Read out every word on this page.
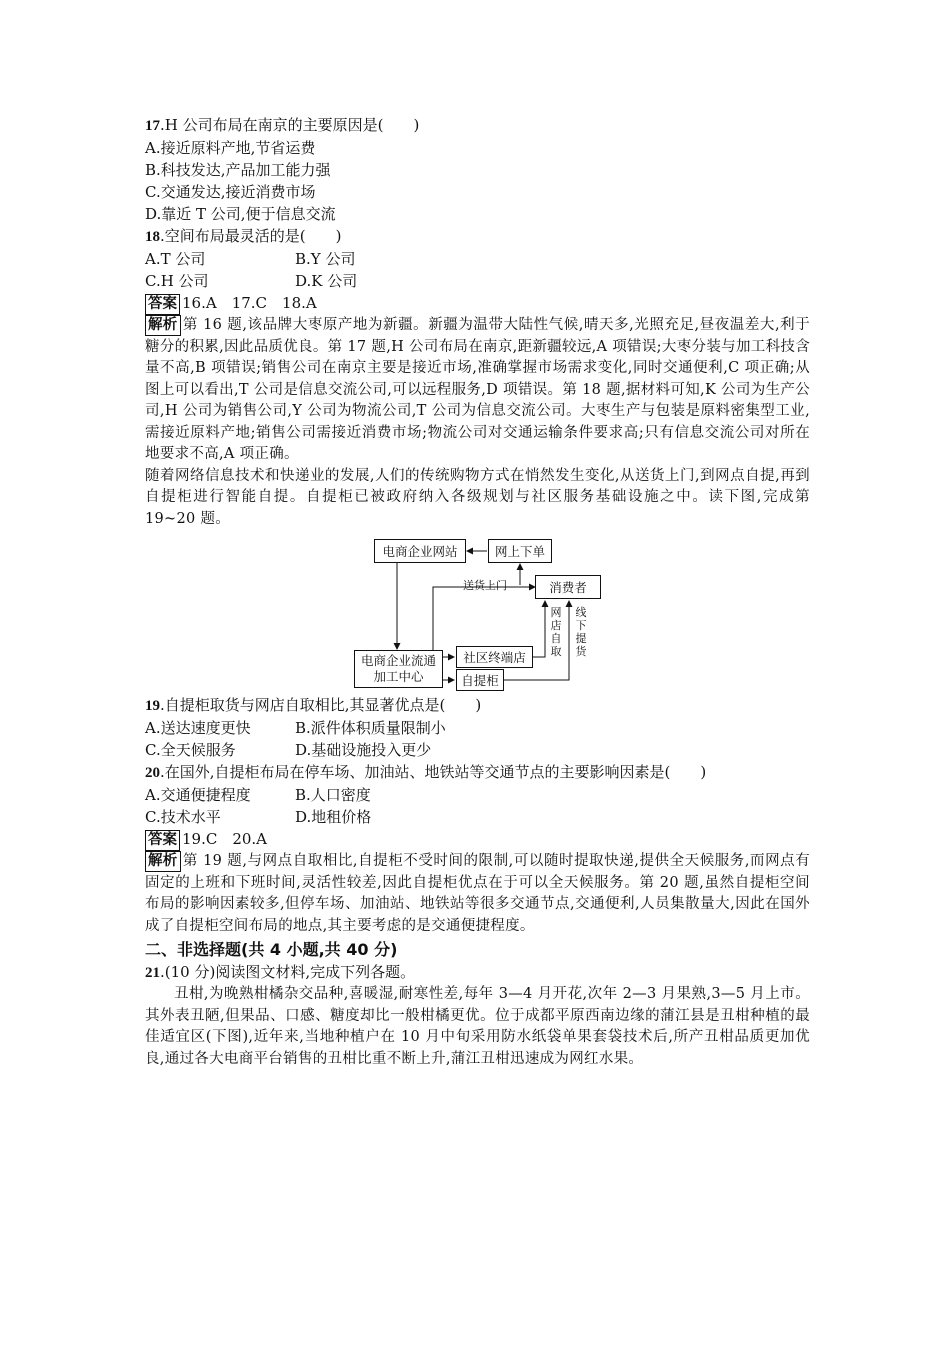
17.H 公司布局在南京的主要原因是(　　)
A.接近原料产地,节省运费
B.科技发达,产品加工能力强
C.交通发达,接近消费市场
D.靠近 T 公司,便于信息交流
18.空间布局最灵活的是(　　)
A.T 公司	B.Y 公司
C.H 公司	D.K 公司
答案 16.A　17.C　18.A
解析 第 16 题,该品牌大枣原产地为新疆。新疆为温带大陆性气候,晴天多,光照充足,昼夜温差大,利于糖分的积累,因此品质优良。第 17 题,H 公司布局在南京,距新疆较远,A 项错误;大枣分装与加工科技含量不高,B 项错误;销售公司在南京主要是接近市场,准确掌握市场需求变化,同时交通便利,C 项正确;从图上可以看出,T 公司是信息交流公司,可以远程服务,D 项错误。第 18 题,据材料可知,K 公司为生产公司,H 公司为销售公司,Y 公司为物流公司,T 公司为信息交流公司。大枣生产与包装是原料密集型工业,需接近原料产地;销售公司需接近消费市场;物流公司对交通运输条件要求高;只有信息交流公司对所在地要求不高,A 项正确。
随着网络信息技术和快递业的发展,人们的传统购物方式在悄然发生变化,从送货上门,到网点自提,再到自提柜进行智能自提。自提柜已被政府纳入各级规划与社区服务基础设施之中。读下图,完成第 19~20 题。
电商企业网站	网上下单
消费者
送货上门
网店自取
线下提货
电商企业流通加工中心
社区终端店
自提柜
19.自提柜取货与网店自取相比,其显著优点是(　　)
A.送达速度更快	B.派件体积质量限制小
C.全天候服务	D.基础设施投入更少
20.在国外,自提柜布局在停车场、加油站、地铁站等交通节点的主要影响因素是(　　)
A.交通便捷程度	B.人口密度
C.技术水平	D.地租价格
答案 19.C　20.A
解析 第 19 题,与网点自取相比,自提柜不受时间的限制,可以随时提取快递,提供全天候服务,而网点有固定的上班和下班时间,灵活性较差,因此自提柜优点在于可以全天候服务。第 20 题,虽然自提柜空间布局的影响因素较多,但停车场、加油站、地铁站等很多交通节点,交通便利,人员集散量大,因此在国外成了自提柜空间布局的地点,其主要考虑的是交通便捷程度。
二、非选择题(共 4 小题,共 40 分)
21.(10 分)阅读图文材料,完成下列各题。
丑柑,为晚熟柑橘杂交品种,喜暖湿,耐寒性差,每年 3—4 月开花,次年 2—3 月果熟,3—5 月上市。其外表丑陋,但果品、口感、糖度却比一般柑橘更优。位于成都平原西南边缘的蒲江县是丑柑种植的最佳适宜区(下图),近年来,当地种植户在 10 月中旬采用防水纸袋单果套袋技术后,所产丑柑品质更加优良,通过各大电商平台销售的丑柑比重不断上升,蒲江丑柑迅速成为网红水果。
